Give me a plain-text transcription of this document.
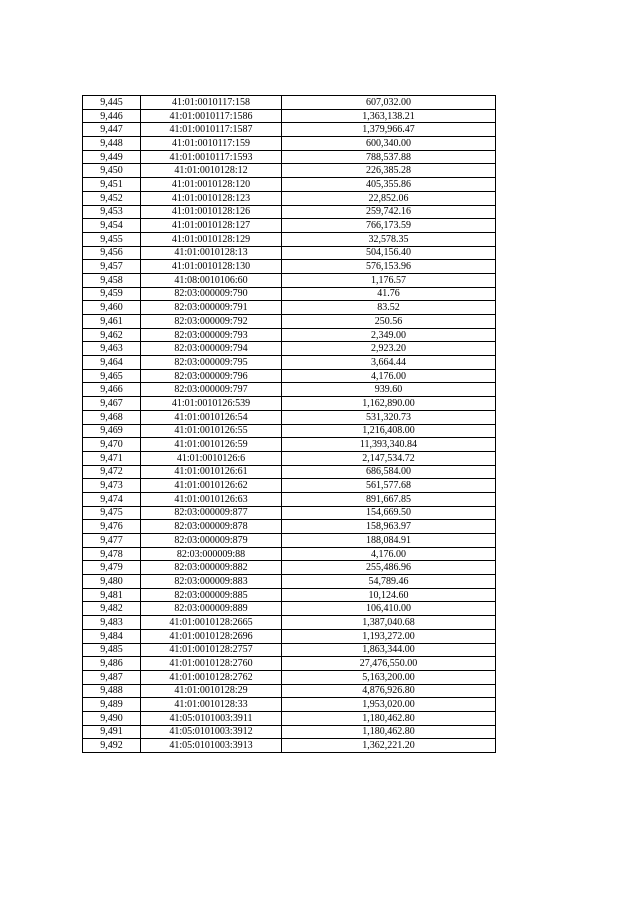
9,445	41:01:0010117:158	607,032.00
9,446	41:01:0010117:1586	1,363,138.21
9,447	41:01:0010117:1587	1,379,966.47
9,448	41:01:0010117:159	600,340.00
9,449	41:01:0010117:1593	788,537.88
9,450	41:01:0010128:12	226,385.28
9,451	41:01:0010128:120	405,355.86
9,452	41:01:0010128:123	22,852.06
9,453	41:01:0010128:126	259,742.16
9,454	41:01:0010128:127	766,173.59
9,455	41:01:0010128:129	32,578.35
9,456	41:01:0010128:13	504,156.40
9,457	41:01:0010128:130	576,153.96
9,458	41:08:0010106:60	1,176.57
9,459	82:03:000009:790	41.76
9,460	82:03:000009:791	83.52
9,461	82:03:000009:792	250.56
9,462	82:03:000009:793	2,349.00
9,463	82:03:000009:794	2,923.20
9,464	82:03:000009:795	3,664.44
9,465	82:03:000009:796	4,176.00
9,466	82:03:000009:797	939.60
9,467	41:01:0010126:539	1,162,890.00
9,468	41:01:0010126:54	531,320.73
9,469	41:01:0010126:55	1,216,408.00
9,470	41:01:0010126:59	11,393,340.84
9,471	41:01:0010126:6	2,147,534.72
9,472	41:01:0010126:61	686,584.00
9,473	41:01:0010126:62	561,577.68
9,474	41:01:0010126:63	891,667.85
9,475	82:03:000009:877	154,669.50
9,476	82:03:000009:878	158,963.97
9,477	82:03:000009:879	188,084.91
9,478	82:03:000009:88	4,176.00
9,479	82:03:000009:882	255,486.96
9,480	82:03:000009:883	54,789.46
9,481	82:03:000009:885	10,124.60
9,482	82:03:000009:889	106,410.00
9,483	41:01:0010128:2665	1,387,040.68
9,484	41:01:0010128:2696	1,193,272.00
9,485	41:01:0010128:2757	1,863,344.00
9,486	41:01:0010128:2760	27,476,550.00
9,487	41:01:0010128:2762	5,163,200.00
9,488	41:01:0010128:29	4,876,926.80
9,489	41:01:0010128:33	1,953,020.00
9,490	41:05:0101003:3911	1,180,462.80
9,491	41:05:0101003:3912	1,180,462.80
9,492	41:05:0101003:3913	1,362,221.20
